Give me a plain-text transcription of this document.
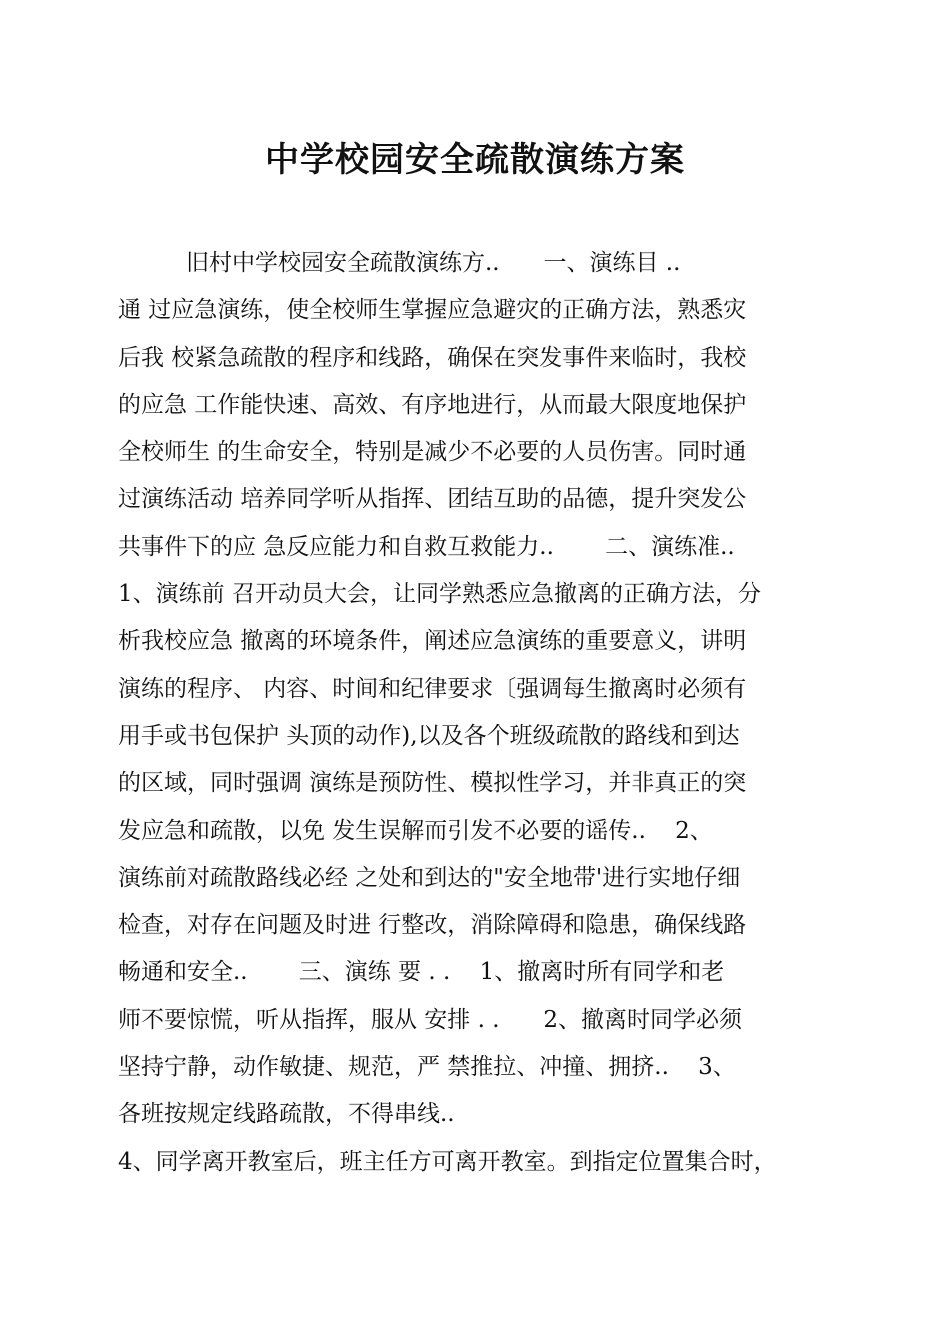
中学校园安全疏散演练方案
旧村中学校园安全疏散演练方..      一、演练目 ..
通 过应急演练，使全校师生掌握应急避灾的正确方法，熟悉灾
后我 校紧急疏散的程序和线路，确保在突发事件来临时，我校
的应急 工作能快速、高效、有序地进行，从而最大限度地保护
全校师生 的生命安全，特别是减少不必要的人员伤害。同时通
过演练活动 培养同学听从指挥、团结互助的品德，提升突发公
共事件下的应 急反应能力和自救互救能力..       二、演练准..
1、演练前 召开动员大会，让同学熟悉应急撤离的正确方法，分
析我校应急 撤离的环境条件，阐述应急演练的重要意义，讲明
演练的程序、 内容、时间和纪律要求〔强调每生撤离时必须有
用手或书包保护 头顶的动作),以及各个班级疏散的路线和到达
的区域，同时强调 演练是预防性、模拟性学习，并非真正的突
发应急和疏散，以免 发生误解而引发不必要的谣传..    2、
演练前对疏散路线必经 之处和到达的"安全地带'进行实地仔细
检查，对存在问题及时进 行整改，消除障碍和隐患，确保线路
畅通和安全..       三、演练 要 . .    1、撤离时所有同学和老
师不要惊慌，听从指挥，服从 安排 . .      2、撤离时同学必须
坚持宁静，动作敏捷、规范，严 禁推拉、冲撞、拥挤..    3、
各班按规定线路疏散，不得串线..
4、同学离开教室后，班主任方可离开教室。到指定位置集合时，
